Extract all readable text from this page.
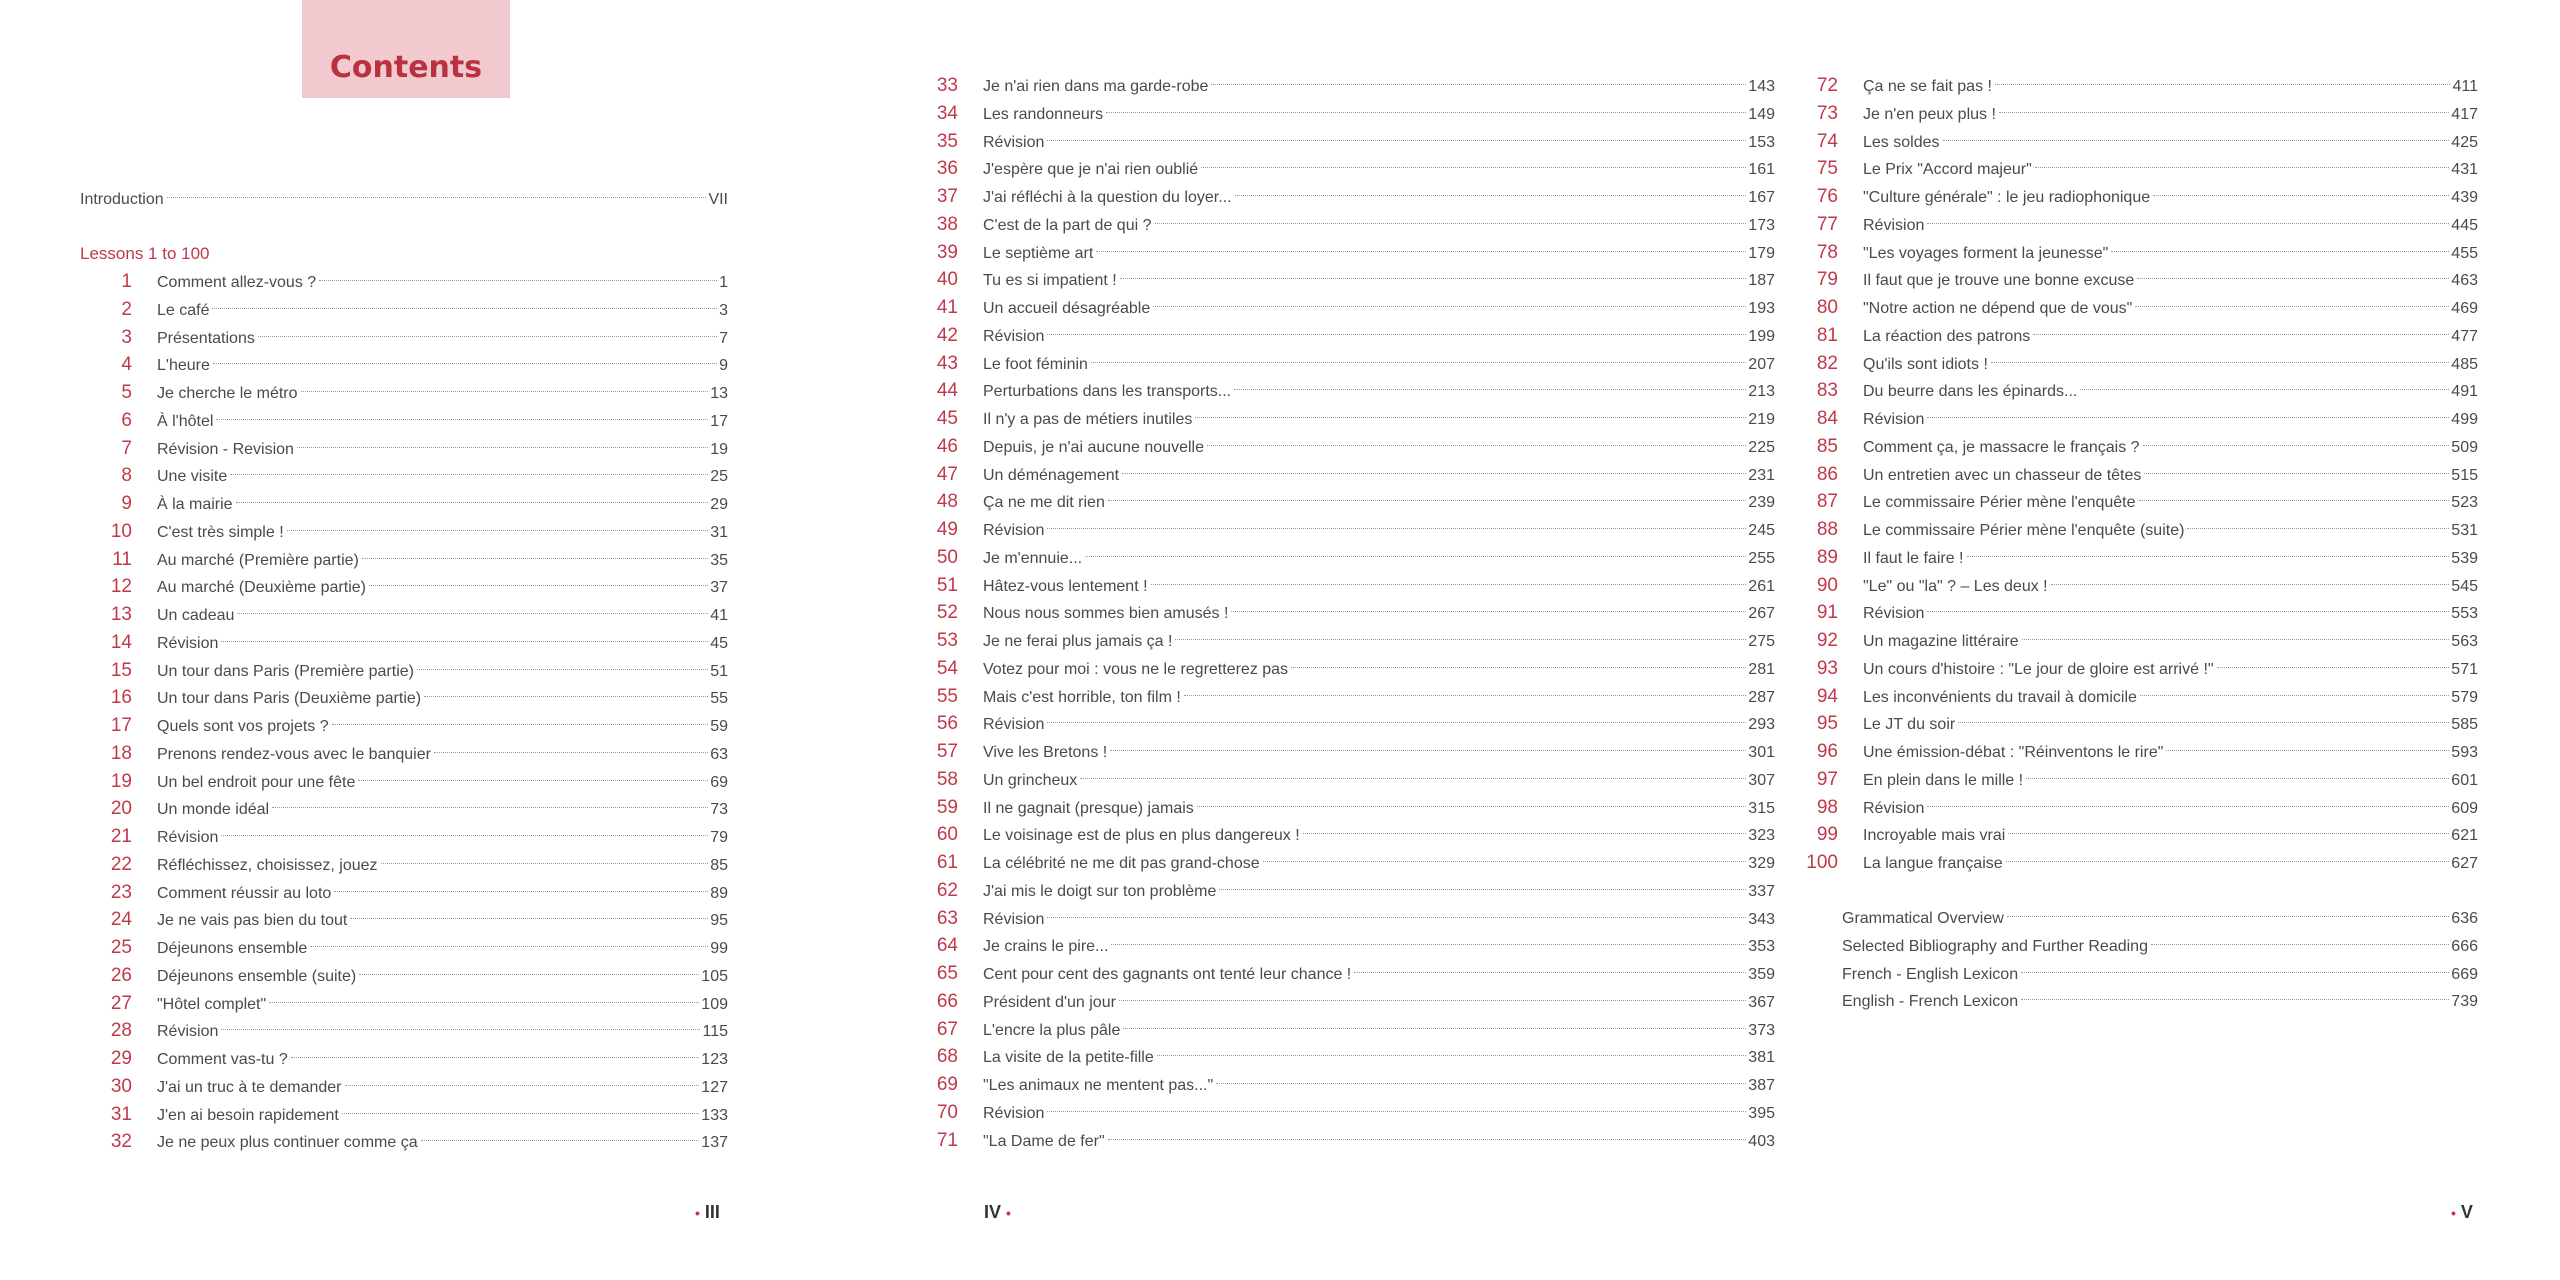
Contents
Introduction	VII
Lessons 1 to 100
1 Comment allez-vous ?	1
2 Le café	3
3 Présentations	7
4 L'heure	9
5 Je cherche le métro	13
6 À l'hôtel	17
7 Révision - Revision	19
8 Une visite	25
9 À la mairie	29
10 C'est très simple !	31
11 Au marché (Première partie)	35
12 Au marché (Deuxième partie)	37
13 Un cadeau	41
14 Révision	45
15 Un tour dans Paris (Première partie)	51
16 Un tour dans Paris (Deuxième partie)	55
17 Quels sont vos projets ?	59
18 Prenons rendez-vous avec le banquier	63
19 Un bel endroit pour une fête	69
20 Un monde idéal	73
21 Révision	79
22 Réfléchissez, choisissez, jouez	85
23 Comment réussir au loto	89
24 Je ne vais pas bien du tout	95
25 Déjeunons ensemble	99
26 Déjeunons ensemble (suite)	105
27 "Hôtel complet"	109
28 Révision	115
29 Comment vas-tu ?	123
30 J'ai un truc à te demander	127
31 J'en ai besoin rapidement	133
32 Je ne peux plus continuer comme ça	137
• III
33 Je n'ai rien dans ma garde-robe	143
34 Les randonneurs	149
35 Révision	153
36 J'espère que je n'ai rien oublié	161
37 J'ai réfléchi à la question du loyer...	167
38 C'est de la part de qui ?	173
39 Le septième art	179
40 Tu es si impatient !	187
41 Un accueil désagréable	193
42 Révision	199
43 Le foot féminin	207
44 Perturbations dans les transports...	213
45 Il n'y a pas de métiers inutiles	219
46 Depuis, je n'ai aucune nouvelle	225
47 Un déménagement	231
48 Ça ne me dit rien	239
49 Révision	245
50 Je m'ennuie...	255
51 Hâtez-vous lentement !	261
52 Nous nous sommes bien amusés !	267
53 Je ne ferai plus jamais ça !	275
54 Votez pour moi : vous ne le regretterez pas	281
55 Mais c'est horrible, ton film !	287
56 Révision	293
57 Vive les Bretons !	301
58 Un grincheux	307
59 Il ne gagnait (presque) jamais	315
60 Le voisinage est de plus en plus dangereux !	323
61 La célébrité ne me dit pas grand-chose	329
62 J'ai mis le doigt sur ton problème	337
63 Révision	343
64 Je crains le pire...	353
65 Cent pour cent des gagnants ont tenté leur chance !	359
66 Président d'un jour	367
67 L'encre la plus pâle	373
68 La visite de la petite-fille	381
69 "Les animaux ne mentent pas..."	387
70 Révision	395
71 "La Dame de fer"	403
IV •
72 Ça ne se fait pas !	411
73 Je n'en peux plus !	417
74 Les soldes	425
75 Le Prix "Accord majeur"	431
76 "Culture générale" : le jeu radiophonique	439
77 Révision	445
78 "Les voyages forment la jeunesse"	455
79 Il faut que je trouve une bonne excuse	463
80 "Notre action ne dépend que de vous"	469
81 La réaction des patrons	477
82 Qu'ils sont idiots !	485
83 Du beurre dans les épinards...	491
84 Révision	499
85 Comment ça, je massacre le français ?	509
86 Un entretien avec un chasseur de têtes	515
87 Le commissaire Périer mène l'enquête	523
88 Le commissaire Périer mène l'enquête (suite)	531
89 Il faut le faire !	539
90 "Le" ou "la" ? – Les deux !	545
91 Révision	553
92 Un magazine littéraire	563
93 Un cours d'histoire : "Le jour de gloire est arrivé !"	571
94 Les inconvénients du travail à domicile	579
95 Le JT du soir	585
96 Une émission-débat : "Réinventons le rire"	593
97 En plein dans le mille !	601
98 Révision	609
99 Incroyable mais vrai	621
100 La langue française	627
Grammatical Overview	636
Selected Bibliography and Further Reading	666
French - English Lexicon	669
English - French Lexicon	739
• V
